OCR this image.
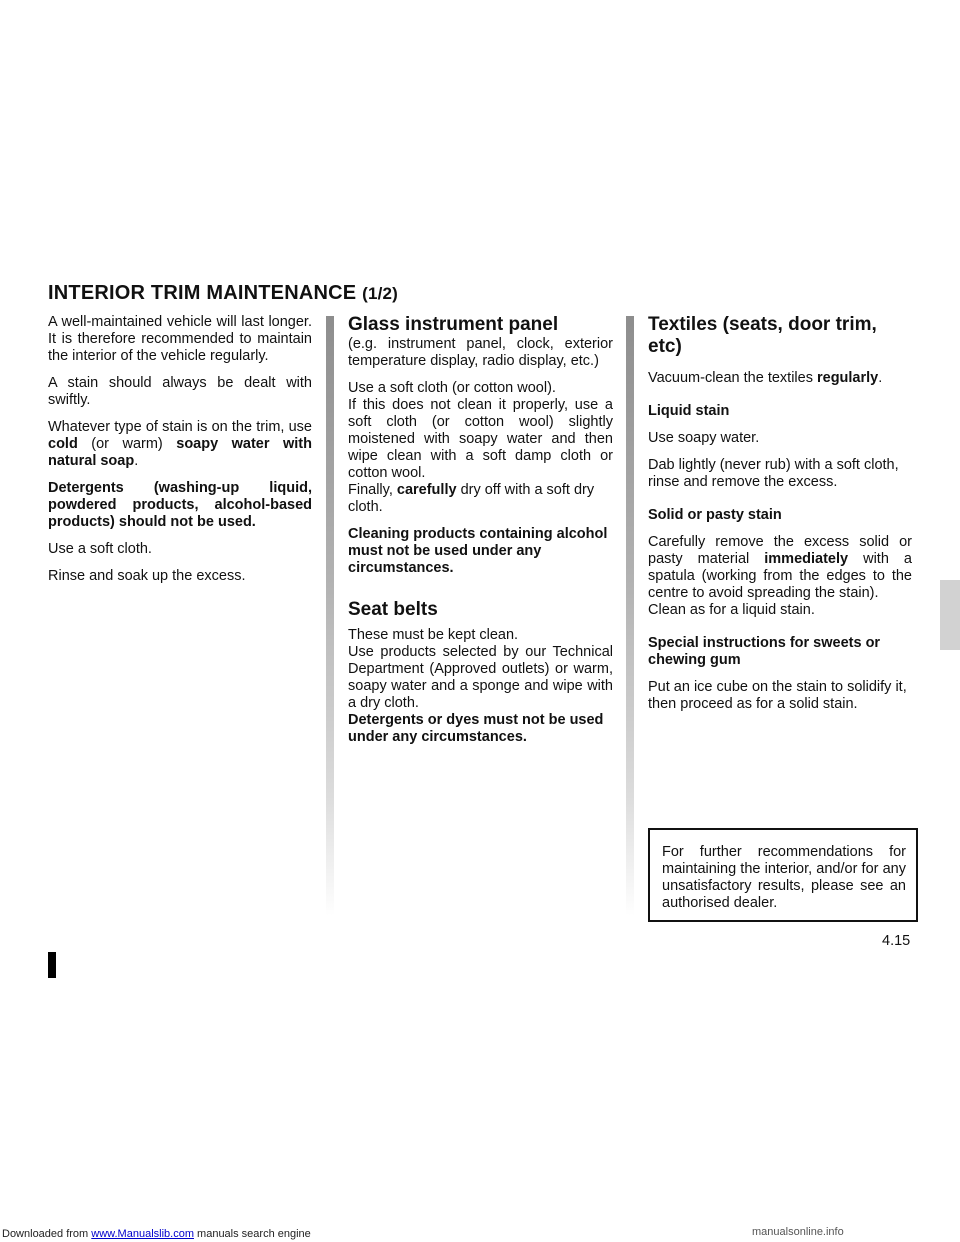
INTERIOR TRIM MAINTENANCE (1/2)

A well-maintained vehicle will last longer. It is therefore recommended to maintain the interior of the vehicle regularly.

A stain should always be dealt with swiftly.

Whatever type of stain is on the trim, use cold (or warm) soapy water with natural soap.

Detergents (washing-up liquid, powdered products, alcohol-based products) should not be used.

Use a soft cloth.

Rinse and soak up the excess.

Glass instrument panel

(e.g. instrument panel, clock, exterior temperature display, radio display, etc.)

Use a soft cloth (or cotton wool).

If this does not clean it properly, use a soft cloth (or cotton wool) slightly moistened with soapy water and then wipe clean with a soft damp cloth or cotton wool.
Finally, carefully dry off with a soft dry cloth.

Cleaning products containing alcohol must not be used under any circumstances.

Seat belts

These must be kept clean.

Use products selected by our Technical Department (Approved outlets) or warm, soapy water and a sponge and wipe with a dry cloth.
Detergents or dyes must not be used under any circumstances.

Textiles (seats, door trim, etc)

Vacuum-clean the textiles regularly.

Liquid stain

Use soapy water.

Dab lightly (never rub) with a soft cloth, rinse and remove the excess.

Solid or pasty stain

Carefully remove the excess solid or pasty material immediately with a spatula (working from the edges to the centre to avoid spreading the stain).
Clean as for a liquid stain.

Special instructions for sweets or chewing gum

Put an ice cube on the stain to solidify it, then proceed as for a solid stain.

For further recommendations for maintaining the interior, and/or for any unsatisfactory results, please see an authorised dealer.
4.15
Downloaded from www.Manualslib.com manuals search engine	manualsonline.info
